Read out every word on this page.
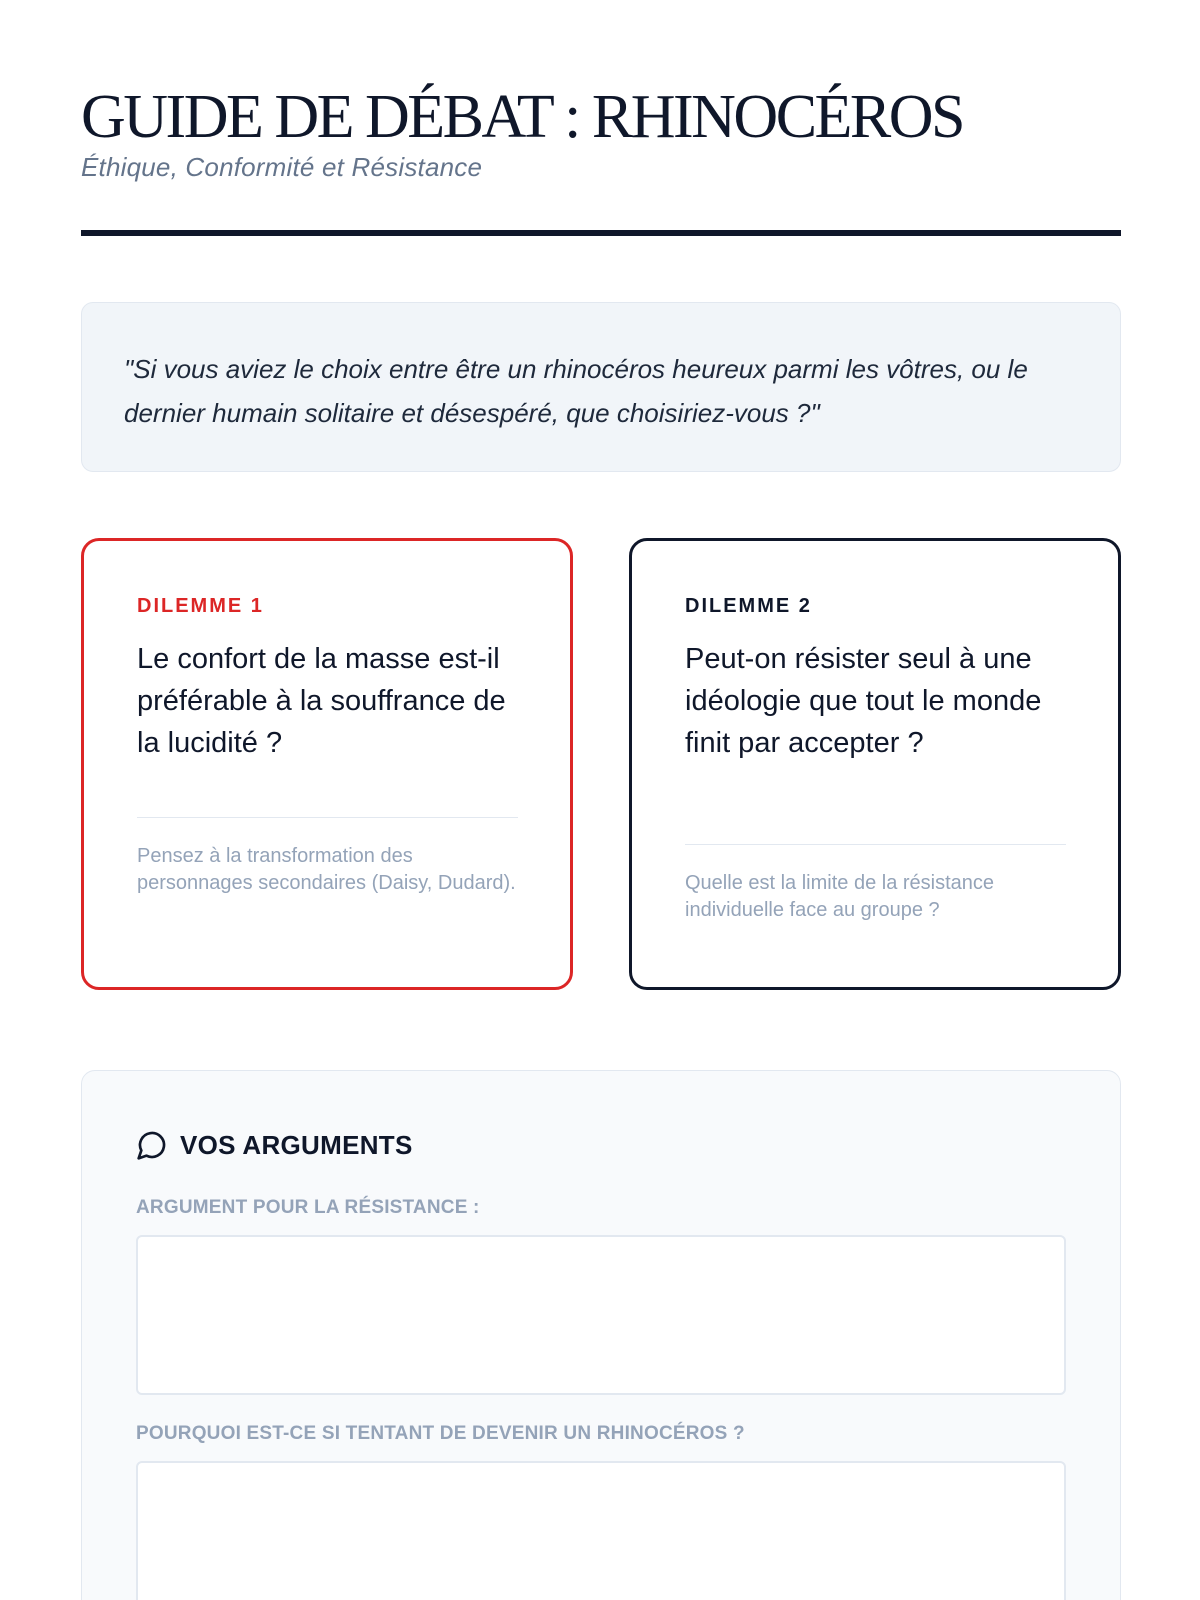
GUIDE DE DÉBAT : RHINOCÉROS
Éthique, Conformité et Résistance

"Si vous aviez le choix entre être un rhinocéros heureux parmi les vôtres, ou le dernier humain solitaire et désespéré, que choisiriez-vous ?"

DILEMME 1
Le confort de la masse est-il préférable à la souffrance de la lucidité ?
Pensez à la transformation des personnages secondaires (Daisy, Dudard).
DILEMME 2
Peut-on résister seul à une idéologie que tout le monde finit par accepter ?
Quelle est la limite de la résistance individuelle face au groupe ?
VOS ARGUMENTS
ARGUMENT POUR LA RÉSISTANCE :
POURQUOI EST-CE SI TENTANT DE DEVENIR UN RHINOCÉROS ?
